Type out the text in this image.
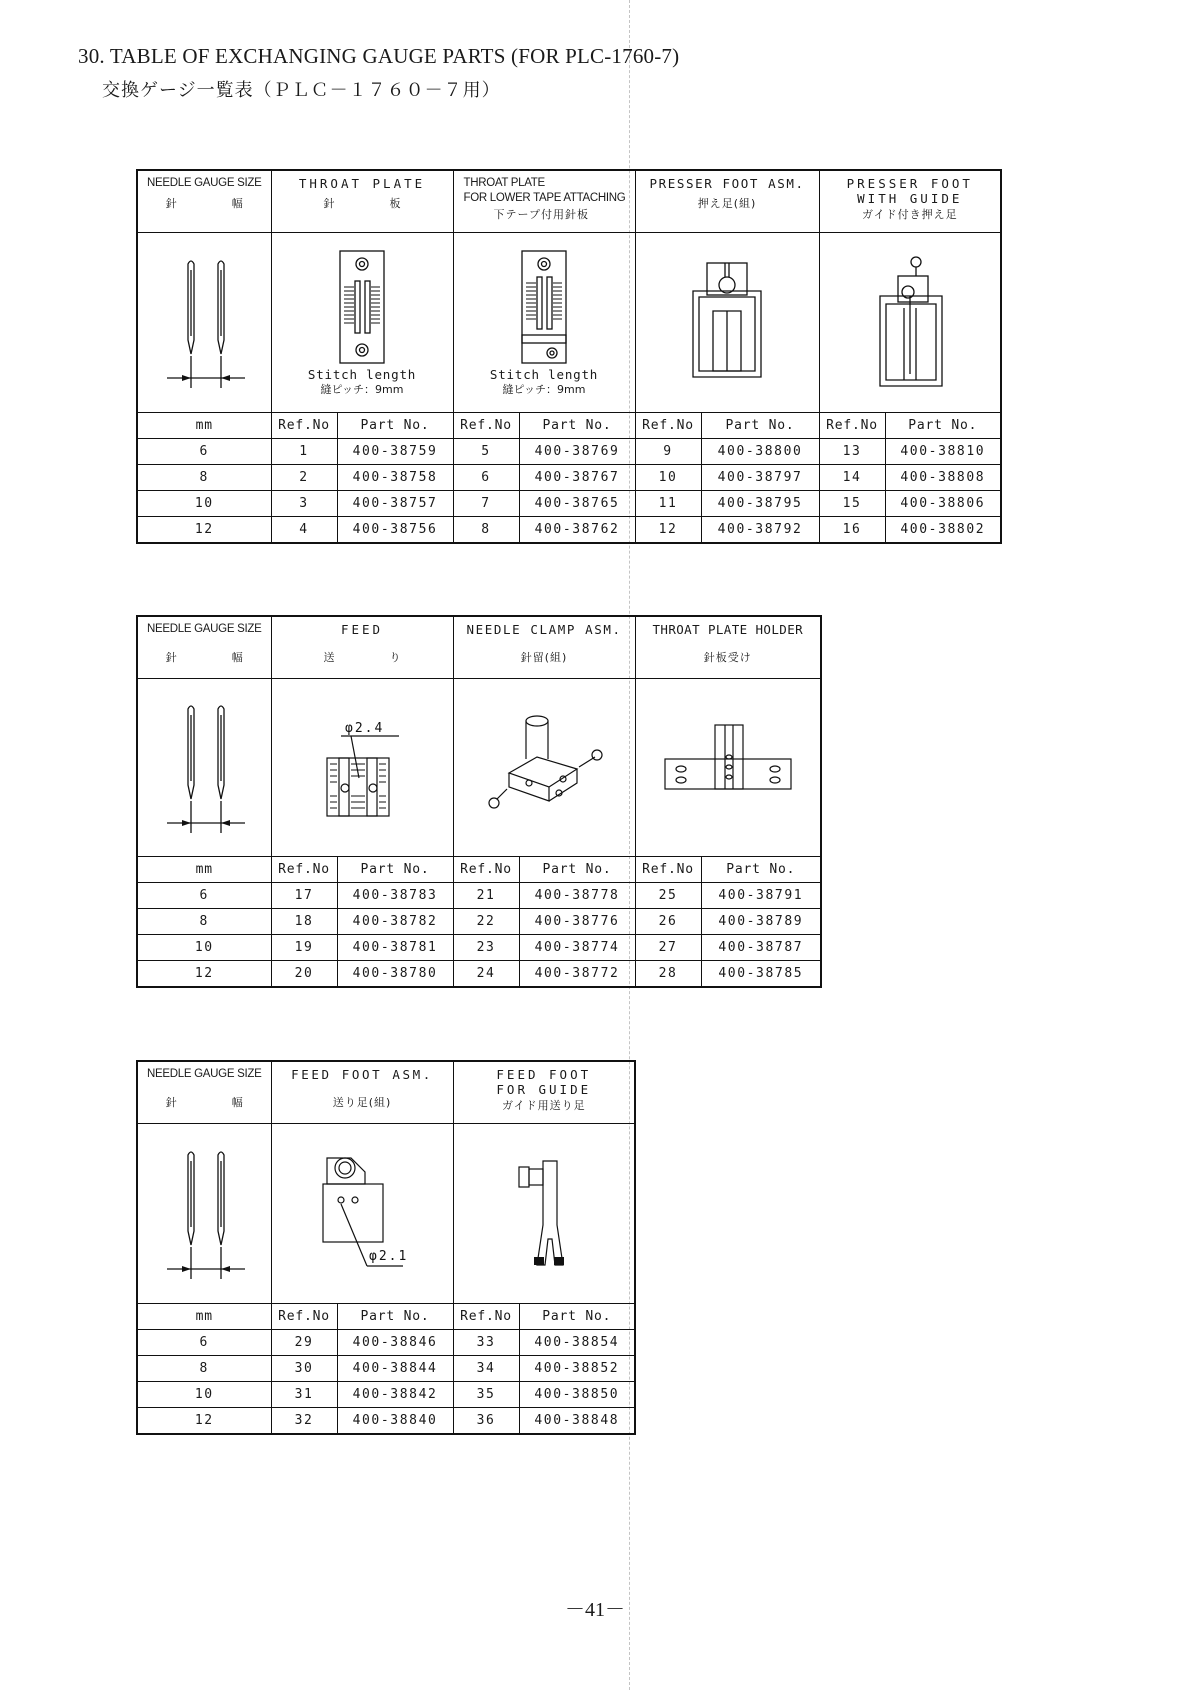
30. TABLE OF EXCHANGING GAUGE PARTS (FOR PLC-1760-7)
交換ゲージ一覧表（ＰＬＣ－１７６０－７用）
NEEDLE GAUGE SIZE
針　幅	THROAT PLATE
針　板		THROAT PLATE
FOR LOWER TAPE ATTACHING
下テープ付用針板		PRESSER FOOT ASM.
押え足(組)		PRESSER FOOT
WITH GUIDE
ガイド付き押え足	

Stitch length
縫ピッチ：9mm		Stitch length
縫ピッチ：9mm

mm	Ref.No	Part No.	Ref.No	Part No.	Ref.No	Part No.	Ref.No	Part No.
6	1	400-38759	5	400-38769	9	400-38800	13	400-38810
8	2	400-38758	6	400-38767	10	400-38797	14	400-38808
10	3	400-38757	7	400-38765	11	400-38795	15	400-38806
12	4	400-38756	8	400-38762	12	400-38792	16	400-38802
NEEDLE GAUGE SIZE
針　幅	FEED
送　り		NEEDLE CLAMP ASM.
針留(組)		THROAT PLATE HOLDER
針板受け	

φ2.4

mm	Ref.No	Part No.	Ref.No	Part No.	Ref.No	Part No.
6	17	400-38783	21	400-38778	25	400-38791
8	18	400-38782	22	400-38776	26	400-38789
10	19	400-38781	23	400-38774	27	400-38787
12	20	400-38780	24	400-38772	28	400-38785
NEEDLE GAUGE SIZE
針　幅	FEED FOOT ASM.
送り足(組)		FEED FOOT
FOR GUIDE
ガイド用送り足	

φ2.1

mm	Ref.No	Part No.	Ref.No	Part No.
6	29	400-38846	33	400-38854
8	30	400-38844	34	400-38852
10	31	400-38842	35	400-38850
12	32	400-38840	36	400-38848
－41－
